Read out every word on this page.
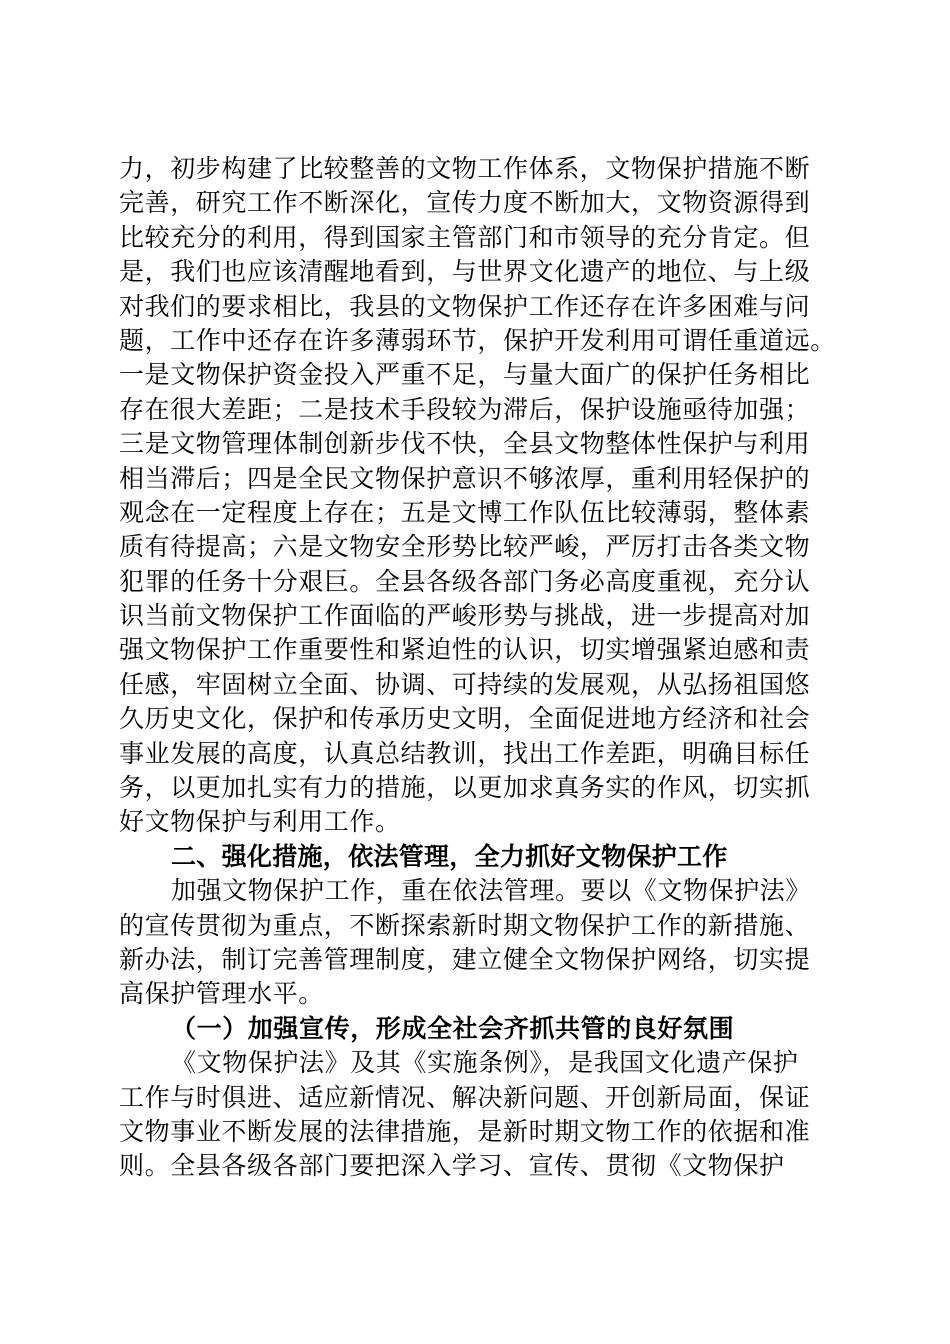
力，初步构建了比较整善的文物工作体系，文物保护措施不断
完善，研究工作不断深化，宣传力度不断加大，文物资源得到
比较充分的利用，得到国家主管部门和市领导的充分肯定。但
是，我们也应该清醒地看到，与世界文化遗产的地位、与上级
对我们的要求相比，我县的文物保护工作还存在许多困难与问
题，工作中还存在许多薄弱环节，保护开发利用可谓任重道远。
一是文物保护资金投入严重不足，与量大面广的保护任务相比
存在很大差距；二是技术手段较为滞后，保护设施亟待加强；
三是文物管理体制创新步伐不快，全县文物整体性保护与利用
相当滞后；四是全民文物保护意识不够浓厚，重利用轻保护的
观念在一定程度上存在；五是文博工作队伍比较薄弱，整体素
质有待提高；六是文物安全形势比较严峻，严厉打击各类文物
犯罪的任务十分艰巨。全县各级各部门务必高度重视，充分认
识当前文物保护工作面临的严峻形势与挑战，进一步提高对加
强文物保护工作重要性和紧迫性的认识，切实增强紧迫感和责
任感，牢固树立全面、协调、可持续的发展观，从弘扬祖国悠
久历史文化，保护和传承历史文明，全面促进地方经济和社会
事业发展的高度，认真总结教训，找出工作差距，明确目标任
务，以更加扎实有力的措施，以更加求真务实的作风，切实抓
好文物保护与利用工作。
二、强化措施，依法管理，全力抓好文物保护工作
加强文物保护工作，重在依法管理。要以《文物保护法》
的宣传贯彻为重点，不断探索新时期文物保护工作的新措施、
新办法，制订完善管理制度，建立健全文物保护网络，切实提
高保护管理水平。
（一）加强宣传，形成全社会齐抓共管的良好氛围
《文物保护法》及其《实施条例》，是我国文化遗产保护
工作与时俱进、适应新情况、解决新问题、开创新局面，保证
文物事业不断发展的法律措施，是新时期文物工作的依据和准
则。全县各级各部门要把深入学习、宣传、贯彻《文物保护
